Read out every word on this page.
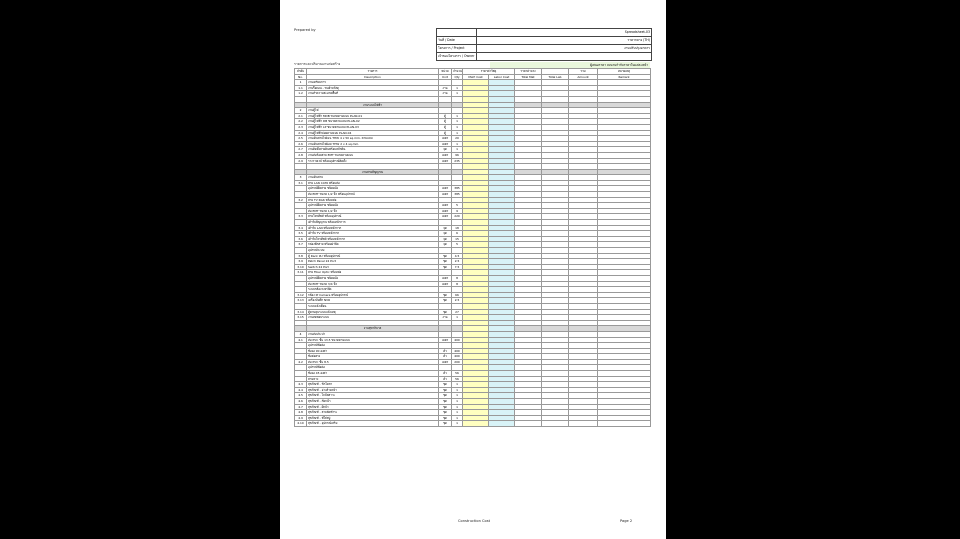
Prepared by	Spreadsheet-03
วันที่ / Date	ราคากลาง (TH)
โครงการ / Project	งานปรับปรุงอาคาร
เจ้าของโครงการ / Owner
รายการและปริมาณงานก่อสร้าง	ผู้เสนอราคา ลงนามกำกับราคาในแต่ละหน้า
ลำดับ	รายการ	หน่วย	จำนวน	ราคาค่าวัสดุ		ราคาค่าแรง		รวม	หมายเหตุ
No.	Description	Unit	Qty	Mat'l Cost	Labor Cost	Total Mat	Total Lab	Amount	Remark
1	งานเตรียมการ								
1.1	งานรื้อถอน - ขนย้ายวัสดุ	งาน	1						
1.2	งานทำความสะอาดพื้นที่	งาน	1						

	งานระบบไฟฟ้า								
2	งานตู้ไฟ								
2.1	งานตู้ไฟฟ้า MDB ขนาดตามแบบ PLAN-01	ตู้	1						
2.2	งานตู้ไฟฟ้า DB ขนาดตามแบบ PLAN-02	ตู้	1						
2.3	งานตู้ไฟฟ้า LP ขนาดตามแบบ PLAN-03	ตู้	1						
2.4	งานตู้ไฟฟ้าย่อยตามแบบ PLAN-04	ตู้	1						
2.5	งานเดินสายไฟเมน THW 4 x 50 sq.mm. ตามแบบ	เมตร	20						
2.6	งานเดินสายไฟย่อย THW 2 x 4 sq.mm.	เมตร	1						
2.7	งานติดตั้งสายดินพร้อมหลักดิน	จุด	1						
2.8	งานท่อร้อยสาย EMT ขนาดตามแบบ	เมตร	96						
2.9	รางวายเวย์ พร้อมอุปกรณ์ติดตั้ง	เมตร	235						

	งานสายสัญญาณ								
3	งานเดินสาย								
3.1	สาย LAN CAT6 พร้อมท่อ								
	อุปกรณ์ยึดสาย ชนิดผนัง	เมตร	385						
	ท่อ EMT ขนาด 1/2 นิ้ว พร้อมอุปกรณ์	เมตร	385						
3.2	สาย TV RG6 พร้อมท่อ								
	อุปกรณ์ยึดสาย ชนิดผนัง	เมตร	5						
	ท่อ EMT ขนาด 1/2 นิ้ว	เมตร	9						
3.3	สายโทรศัพท์ พร้อมอุปกรณ์	เมตร	220						
	เต้ารับสัญญาณ พร้อมหน้ากาก								
3.4	เต้ารับ LAN พร้อมหน้ากาก	จุด	18						
3.5	เต้ารับ TV พร้อมหน้ากาก	จุด	6						
3.6	เต้ารับโทรศัพท์ พร้อมหน้ากาก	จุด	15						
3.7	กล่องพักสาย พร้อมฝาปิด	จุด	5						
	อุปกรณ์ระบบ								
3.8	ตู้ Rack 9U พร้อมอุปกรณ์	ชุด	4.5						
3.9	Patch Panel 24 Port	ชุด	2.5						
3.10	Switch 24 Port	ชุด	7.5						
3.11	สาย Fiber Optic พร้อมท่อ								
	อุปกรณ์ยึดสาย ชนิดผนัง	เมตร	8						
	ท่อ EMT ขนาด 3/4 นิ้ว	เมตร	8						
	ระบบกล้องวงจรปิด								
3.12	กล้อง IP Camera พร้อมอุปกรณ์	ชุด	66						
3.13	เครื่องบันทึก NVR	ชุด	2.5						
	ระบบแจ้งเตือน								
3.14	ตู้ควบคุมระบบแจ้งเหตุ	ชุด	27						
3.15	งานทดสอบระบบ	งาน	1						

	งานสุขาภิบาล								
4	งานท่อประปา								
4.1	ท่อ PVC ชั้น 13.5 ขนาดตามแบบ	เมตร	400						
	อุปกรณ์ข้อต่อ								
	ข้องอ 90 องศา	ตัว	400						
	ข้อต่อตรง	ตัว	400						
4.2	ท่อ PVC ชั้น 8.5	เมตร	200						
	อุปกรณ์ข้อต่อ								
	ข้องอ 45 องศา	ตัว	56						
	สามทาง	ตัว	56						
4.3	สุขภัณฑ์ - ชักโครก	ชุด	1						
4.4	สุขภัณฑ์ - อ่างล้างหน้า	ชุด	1						
4.5	สุขภัณฑ์ - โถปัสสาวะ	ชุด	1						
4.6	สุขภัณฑ์ - ก๊อกน้ำ	ชุด	1						
4.7	สุขภัณฑ์ - ฝักบัว	ชุด	1						
4.8	สุขภัณฑ์ - สายฉีดชำระ	ชุด	1						
4.9	สุขภัณฑ์ - ที่ใส่สบู่	ชุด	1						
4.10	สุขภัณฑ์ - อุปกรณ์เสริม	ชุด	1						
Construction Cost	Page 2
